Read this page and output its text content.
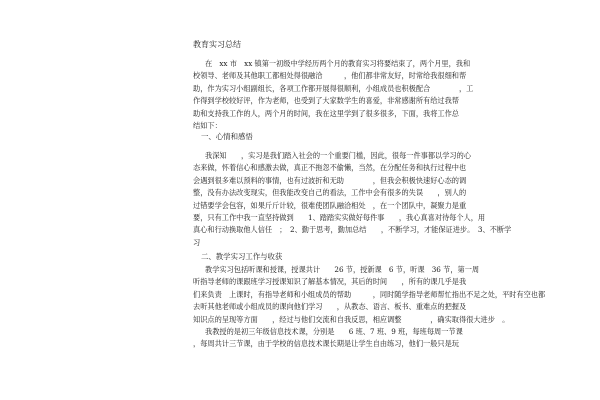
教育实习总结

在　xx 市　xx 镇第一初级中学经历两个月的教育实习将要结束了，两个月里，我和
校领导、老师及其他职工都相处得很融洽　　　，他们都非常友好，时常给我很细和帮
助，作为实习小组副组长，各项工作都开展得很顺利，小组成员也积极配合　　　　，工
作得到学校较好评，作为老师，也受到了大家数学生的喜爱，非常感谢所有给过我帮
助和支持我工作的人，两个月的时间，我在这里学到了很多很多，下面，我将工作总
结如下：

一、心情和感悟

我深知　　，实习是我们踏入社会的一个重要门槛，因此，很每一件事都以学习的心
态来做，怀着信心和感激去做，真正不拖忽不偷懒，当然，在分配任务和执行过程中也
会遇到很多难以预料的事情，也有过波折和无助　　　　，但我会积极快速好心态的调
整，没有办法改变现实，但我能改变自己的看法，工作中会有很多的失误　　，别人的
过错要学会包容，如果斤斤计较，很难使团队融洽相处　，在一个团队中，凝聚力是重
要，只有工作中我一直坚持做到　　1、踏踏实实做好每件事　　，我心真喜对待每个人，用
真心和行动换取他人信任　；　2、勤于思考，勤加总结　　，不断学习，才能保证进步。　3、不断学
习

二、教学实习工作与收获

教学实习包括听课和授课，授课共计　　26 节，授新课　6 节，听课　36 节，第一周
听指导老师的课跟班学习授课知识了解基本情况，其后的时间　　，所有的课几乎是我
们来负责　上课时，有指导老师和小组成员的帮助　　　，同时随学指导老师帮忙指出不足之处，平时有空也都
去听其他老师或小组成员的课向他们学习　　，从教态、语言、板书、重难点的把握及
知识点的呈现等方面　　，经过与他们交流和自我反思，相应调整　　　　，确实取得很大进步　。

我教授的是初三年级信息技术课，分别是　　6 班、7 班、9 班，每班每周一节课
，每周共计三节课，由于学校的信息技术课长期是让学生自由练习，他们一般只是玩
